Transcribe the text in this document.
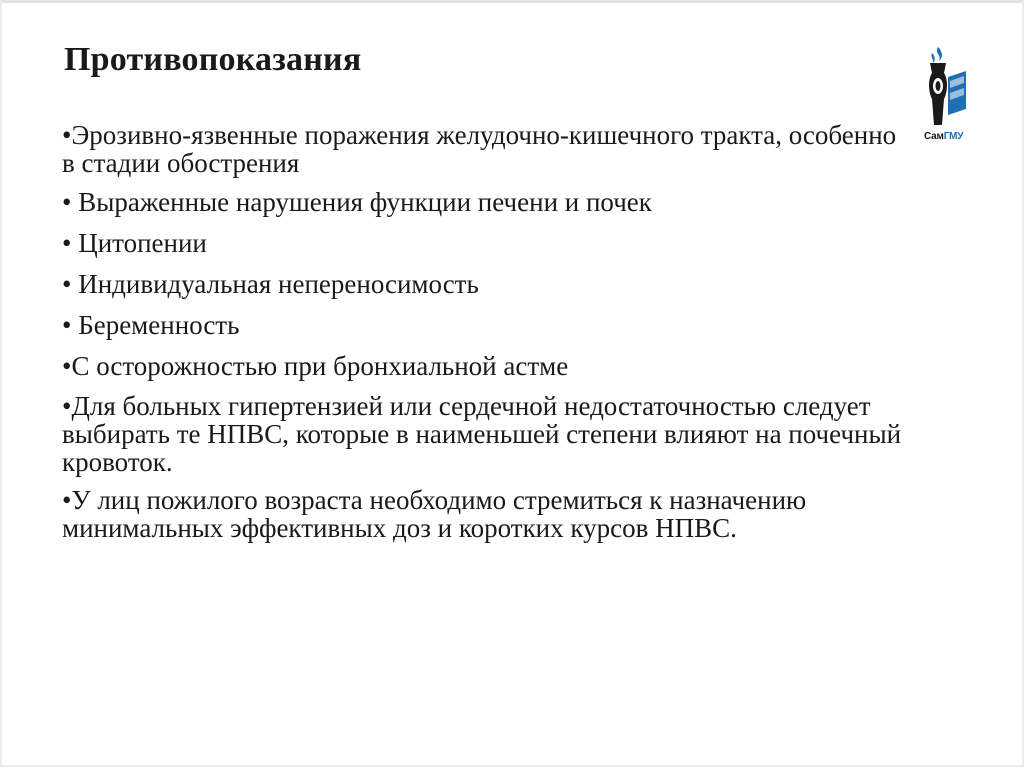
Противопоказания
СамГМУ
•Эрозивно-язвенные поражения желудочно-кишечного тракта, особенно в стадии обострения
• Выраженные нарушения функции печени и почек
• Цитопении
• Индивидуальная непереносимость
• Беременность
•С осторожностью при бронхиальной астме
•Для больных гипертензией или сердечной недостаточностью следует выбирать те НПВС, которые в наименьшей степени влияют на почечный кровоток.
•У лиц пожилого возраста необходимо стремиться к назначению минимальных эффективных доз и коротких курсов НПВС.
